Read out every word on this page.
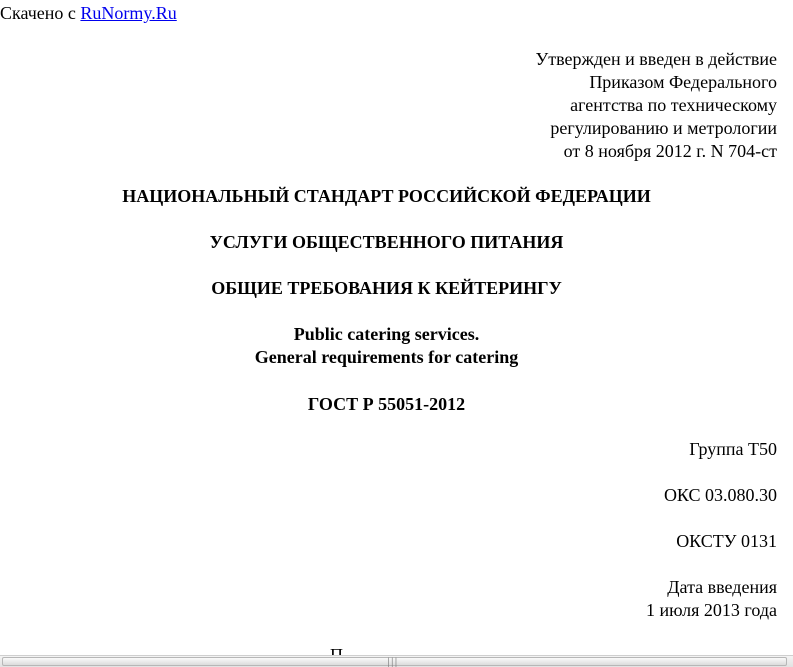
Скачено с RuNormy.Ru
Утвержден и введен в действие
Приказом Федерального
агентства по техническому
регулированию и метрологии
от 8 ноября 2012 г. N 704-ст
НАЦИОНАЛЬНЫЙ СТАНДАРТ РОССИЙСКОЙ ФЕДЕРАЦИИ
УСЛУГИ ОБЩЕСТВЕННОГО ПИТАНИЯ
ОБЩИЕ ТРЕБОВАНИЯ К КЕЙТЕРИНГУ
Public catering services.
General requirements for catering
ГОСТ Р 55051-2012
Группа Т50
ОКС 03.080.30
ОКСТУ 0131
Дата введения
1 июля 2013 года
│││
